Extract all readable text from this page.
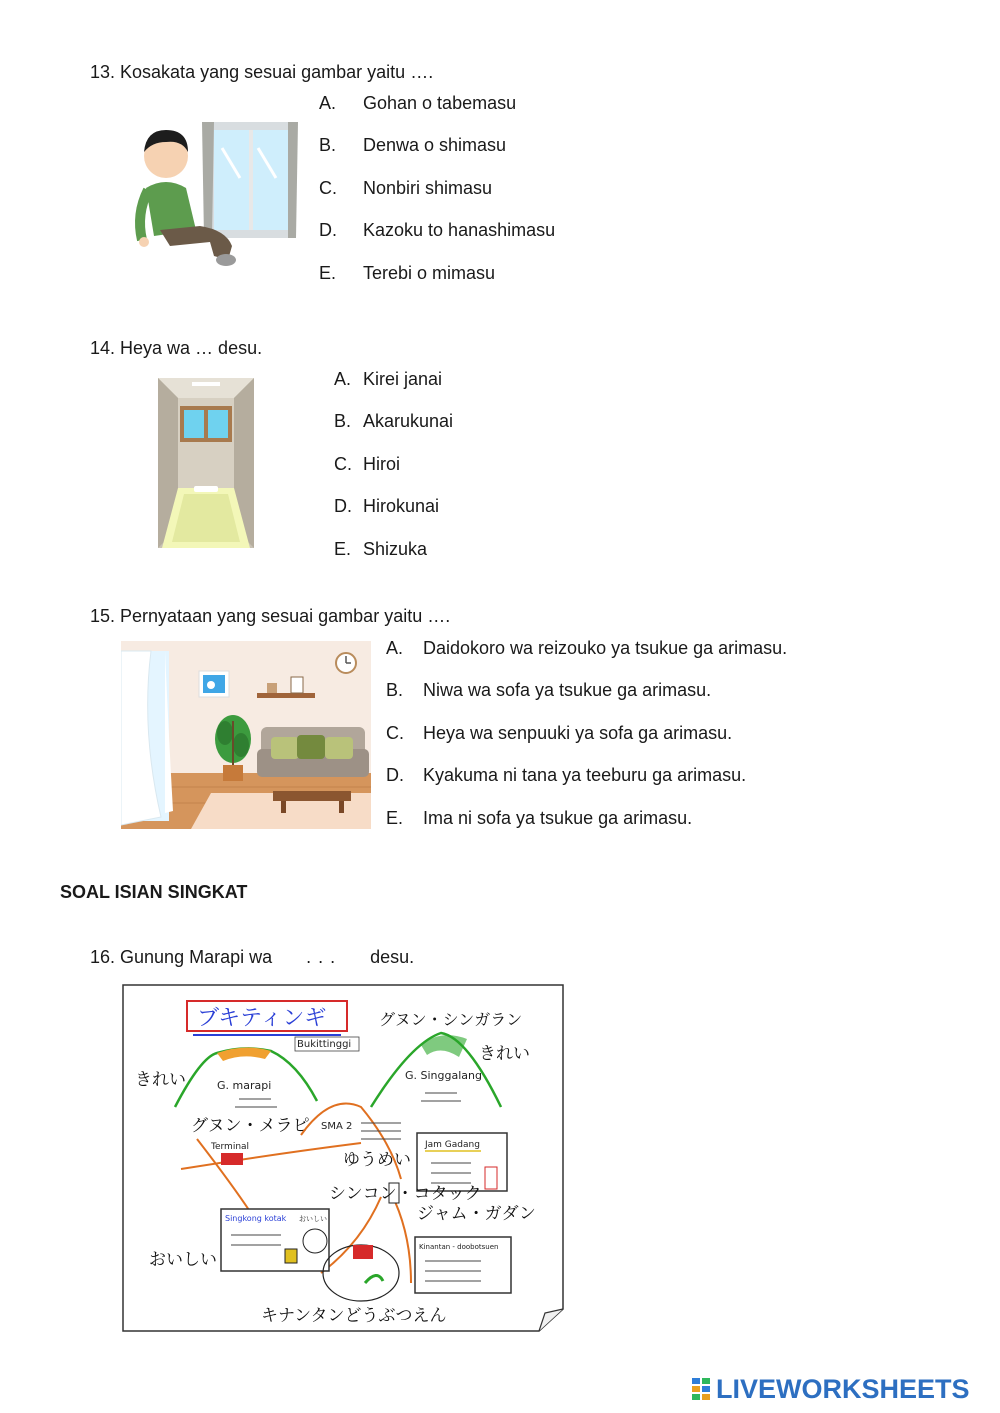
13. Kosakata yang sesuai gambar yaitu ….
A. Gohan o tabemasu
B. Denwa o shimasu
C. Nonbiri shimasu
D. Kazoku to hanashimasu
E. Terebi o mimasu
14. Heya wa … desu.
A. Kirei janai
B. Akarukunai
C. Hiroi
D. Hirokunai
E. Shizuka
15. Pernyataan yang sesuai gambar yaitu ….
A. Daidokoro wa reizouko ya tsukue ga arimasu.
B. Niwa wa sofa ya tsukue ga arimasu.
C. Heya wa senpuuki ya sofa ga arimasu.
D. Kyakuma ni tana ya teeburu ga arimasu.
E. Ima ni sofa ya tsukue ga arimasu.
SOAL ISIAN SINGKAT
16. Gunung Marapi wa . . . desu.
ブキティンギ
Bukittinggi
グヌン・シンガラン
G. marapi
きれい	G. Singgalang
きれい
グヌン・メラピ
Terminal
SMA 2
ゆうめい
Jam Gadang
シンコン・コタック
ジャム・ガダン
Singkong kotak おいしい
おいしい
Kinantan - doobotsuen
キナンタンどうぶつえん
LIVEWORKSHEETS
